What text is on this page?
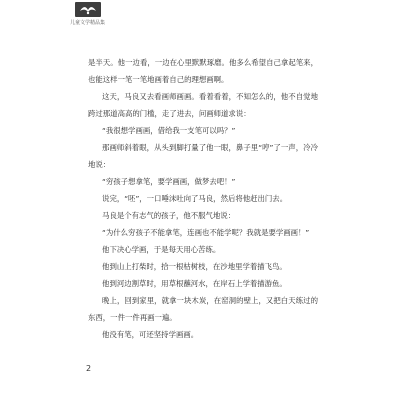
儿童文学精品集

是半天。他一边看，一边在心里默默琢磨。他多么希望自己拿起笔来，也能这样一笔一笔地画着自己的理想画啊。

这天，马良又去看画师画画。看着看着，不知怎么的，他不自觉地跨过那道高高的门槛，走了进去，问画师道求说：

“我很想学画画，借给我一支笔可以吗？”

那画师斜着眼，从头到脚打量了他一眼，鼻子里“哼”了一声，冷冷地说：

“穷孩子想拿笔，要学画画，做梦去吧！”

说完，“呸”，一口唾沫吐向了马良，然后将他赶出门去。

马良是个有志气的孩子，他不服气地说：

“为什么穷孩子不能拿笔，连画也不能学呢？我就是要学画画！”

他下决心学画，于是每天用心苦练。

他到山上打柴时，拾一根枯树枝，在沙地里学着描飞鸟。

他到河边割草时，用草根蘸河水，在岸石上学着描游鱼。

晚上，回到家里，就拿一块木炭，在窑洞的壁上，又把白天练过的东西，一件一件再画一遍。

他没有笔，可还坚持学画画。

2
